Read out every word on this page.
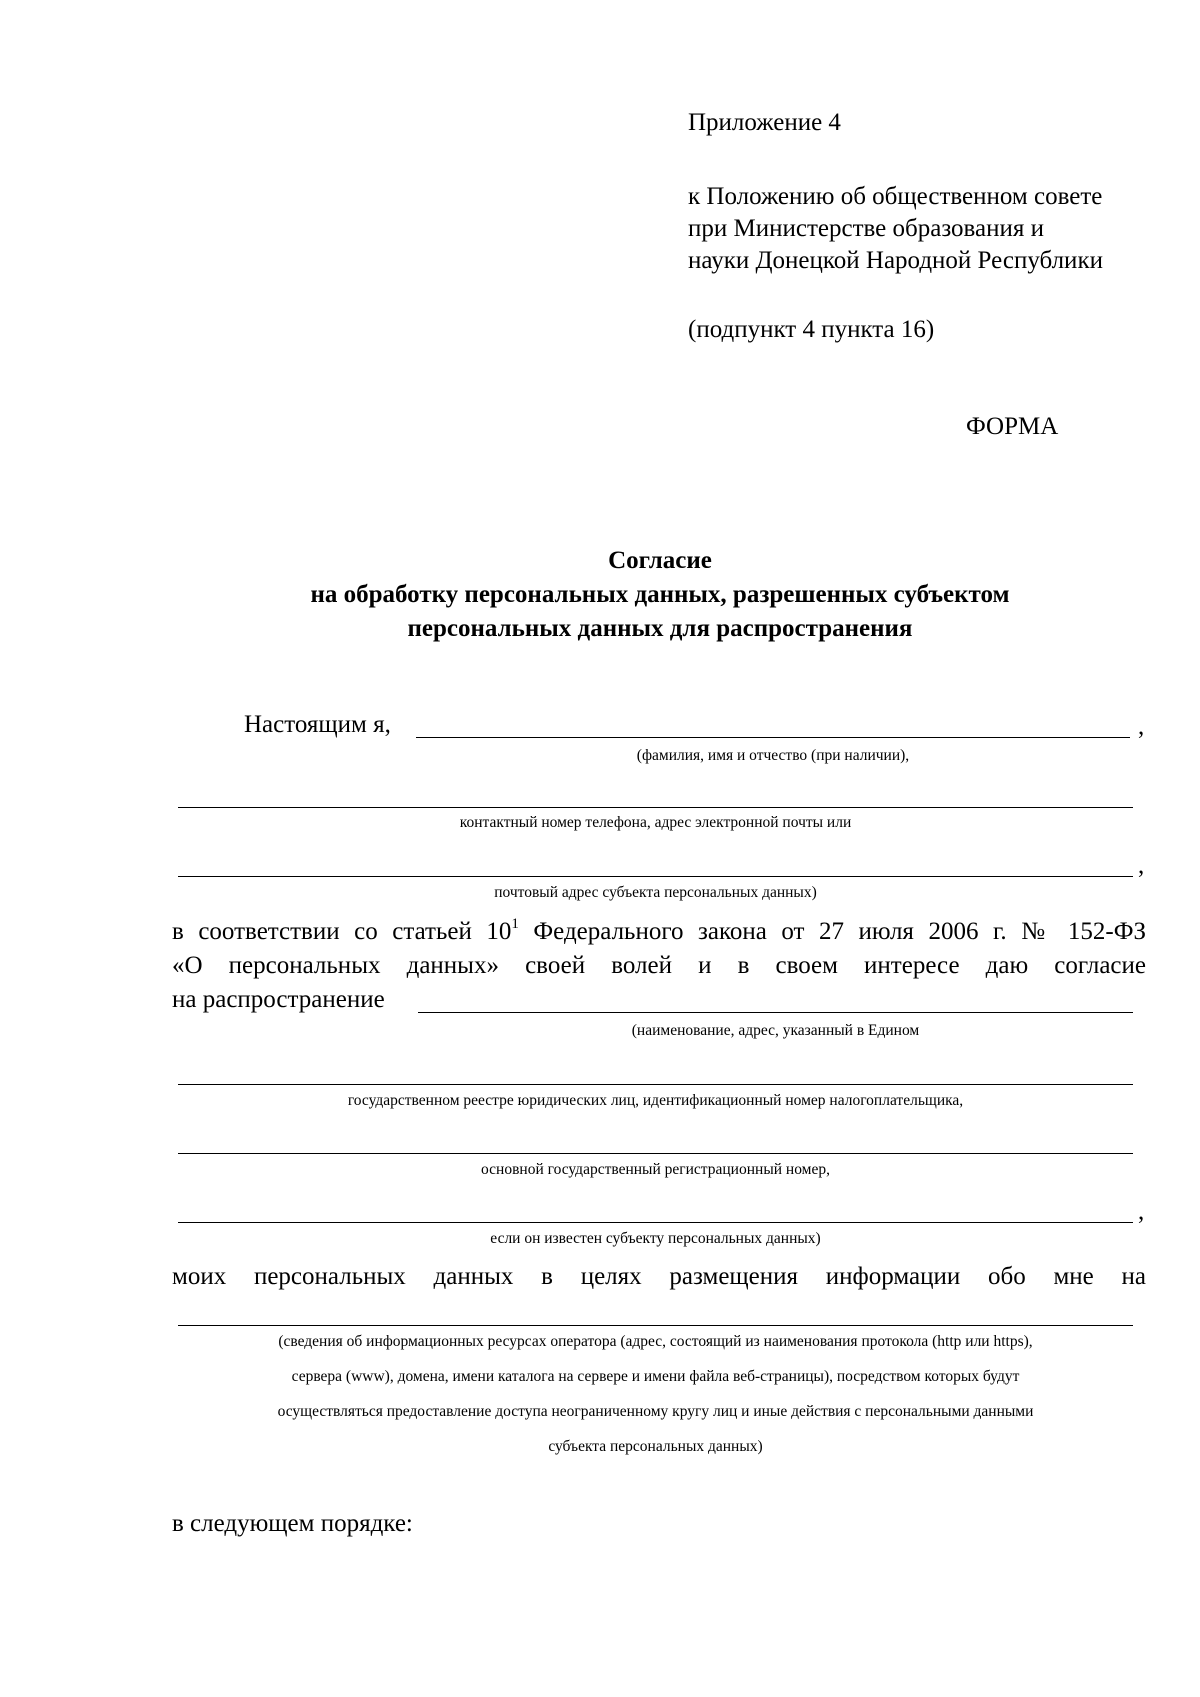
Приложение 4
к Положению об общественном совете
при Министерстве образования и
науки Донецкой Народной Республики
(подпункт 4 пункта 16)
ФОРМА
Согласие
на обработку персональных данных, разрешенных субъектом
персональных данных для распространения
Настоящим я,	,
(фамилия, имя и отчество (при наличии),
контактный номер телефона, адрес электронной почты или
,
почтовый адрес субъекта персональных данных)
в соответствии со статьей $10^1$ Федерального закона от 27 июля 2006 г. № 152-ФЗ
«О персональных данных» своей волей и в своем интересе даю согласие
на распространение
(наименование, адрес, указанный в Едином
государственном реестре юридических лиц, идентификационный номер налогоплательщика,
основной государственный регистрационный номер,
,
если он известен субъекту персональных данных)
моих персональных данных в целях размещения информации обо мне на
(сведения об информационных ресурсах оператора (адрес, состоящий из наименования протокола (http или https),
сервера (www), домена, имени каталога на сервере и имени файла веб-страницы), посредством которых будут
осуществляться предоставление доступа неограниченному кругу лиц и иные действия с персональными данными
субъекта персональных данных)
в следующем порядке:
